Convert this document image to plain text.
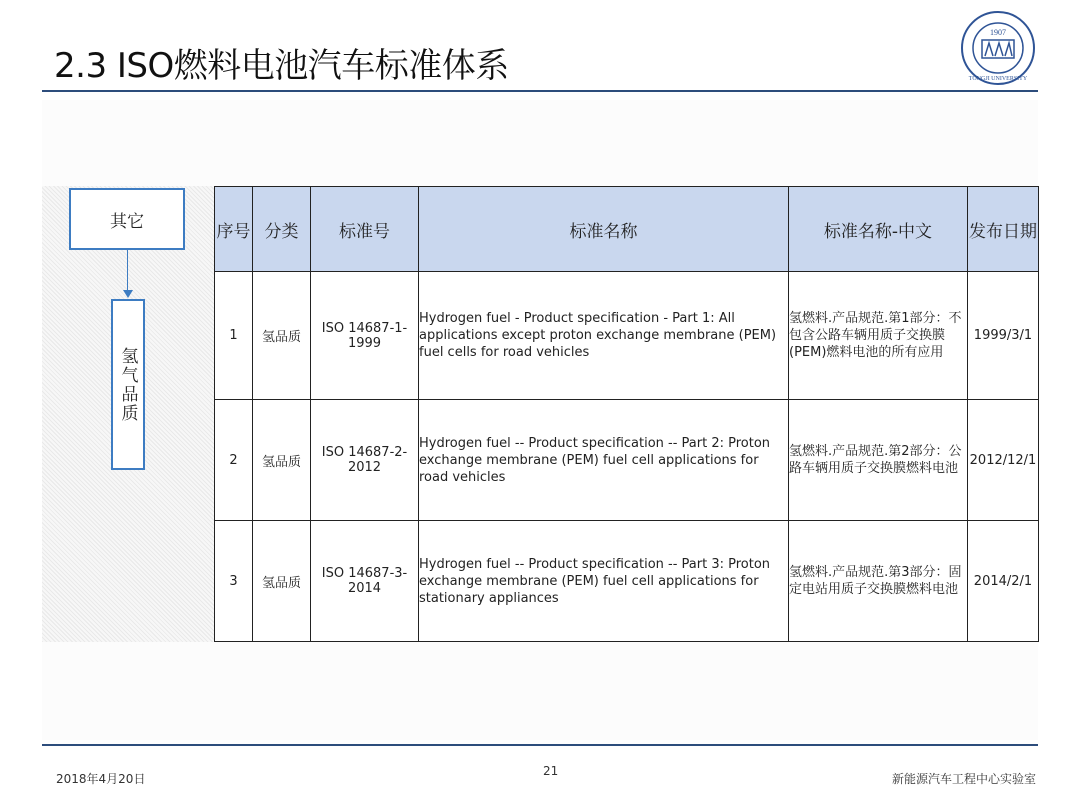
2.3 ISO燃料电池汽车标准体系
1907
TONGJI UNIVERSITY
其它
氢气品质
序号	分类	标准号	标准名称	标准名称-中文	发布日期
1	氢品质	ISO 14687-1-1999	Hydrogen fuel - Product specification - Part 1: All applications except proton exchange membrane (PEM) fuel cells for road vehicles	氢燃料.产品规范.第1部分：不包含公路车辆用质子交换膜(PEM)燃料电池的所有应用	1999/3/1
2	氢品质	ISO 14687-2-2012	Hydrogen fuel -- Product specification -- Part 2: Proton exchange membrane (PEM) fuel cell applications for road vehicles	氢燃料.产品规范.第2部分：公路车辆用质子交换膜燃料电池	2012/12/1
3	氢品质	ISO 14687-3-2014	Hydrogen fuel -- Product specification -- Part 3: Proton exchange membrane (PEM) fuel cell applications for stationary appliances	氢燃料.产品规范.第3部分：固定电站用质子交换膜燃料电池	2014/2/1
2018年4月20日
21
新能源汽车工程中心实验室
